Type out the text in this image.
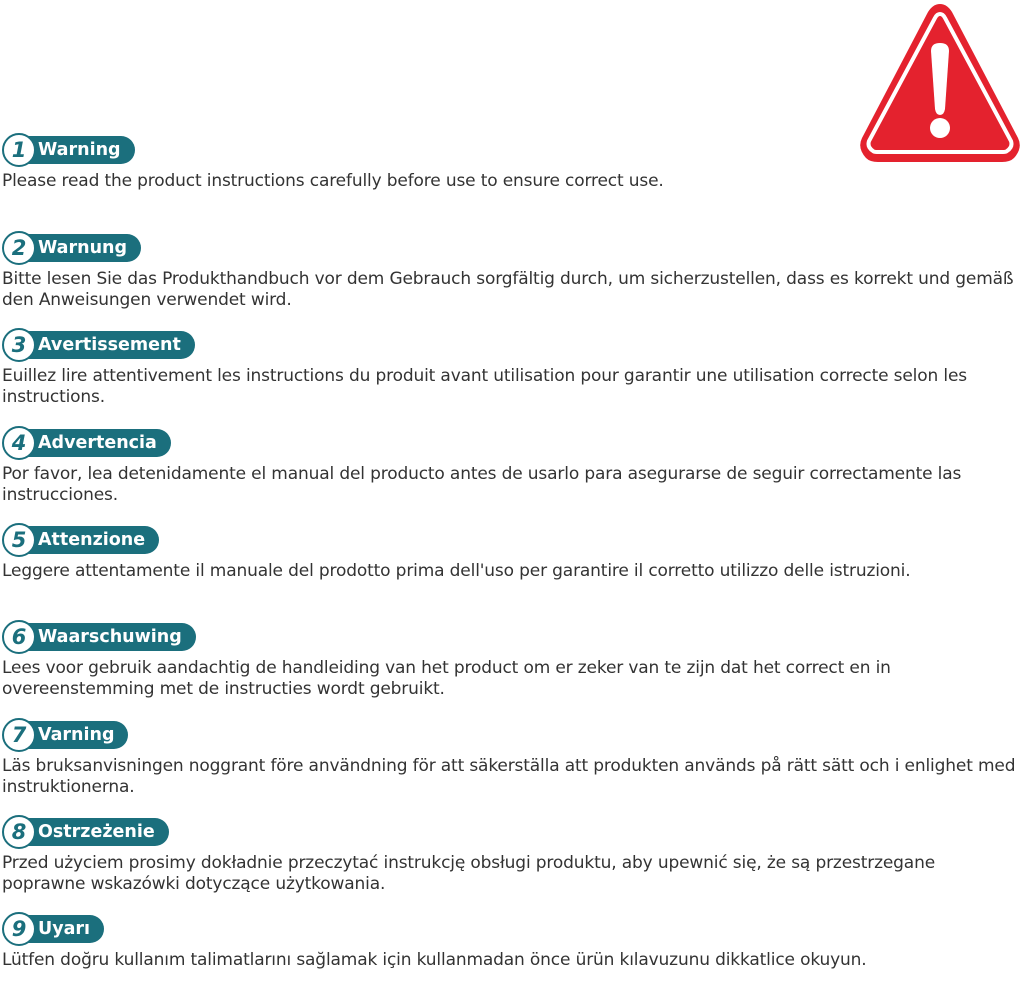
1 Warning

Please read the product instructions carefully before use to ensure correct use.

2 Warnung

Bitte lesen Sie das Produkthandbuch vor dem Gebrauch sorgfältig durch, um sicherzustellen, dass es korrekt und gemäß den Anweisungen verwendet wird.

3 Avertissement

Euillez lire attentivement les instructions du produit avant utilisation pour garantir une utilisation correcte selon les instructions.

4 Advertencia

Por favor, lea detenidamente el manual del producto antes de usarlo para asegurarse de seguir correctamente las instrucciones.

5 Attenzione

Leggere attentamente il manuale del prodotto prima dell'uso per garantire il corretto utilizzo delle istruzioni.

6 Waarschuwing

Lees voor gebruik aandachtig de handleiding van het product om er zeker van te zijn dat het correct en in overeenstemming met de instructies wordt gebruikt.

7 Varning

Läs bruksanvisningen noggrant före användning för att säkerställa att produkten används på rätt sätt och i enlighet med instruktionerna.

8 Ostrzeżenie

Przed użyciem prosimy dokładnie przeczytać instrukcję obsługi produktu, aby upewnić się, że są przestrzegane poprawne wskazówki dotyczące użytkowania.

9 Uyarı

Lütfen doğru kullanım talimatlarını sağlamak için kullanmadan önce ürün kılavuzunu dikkatlice okuyun.
